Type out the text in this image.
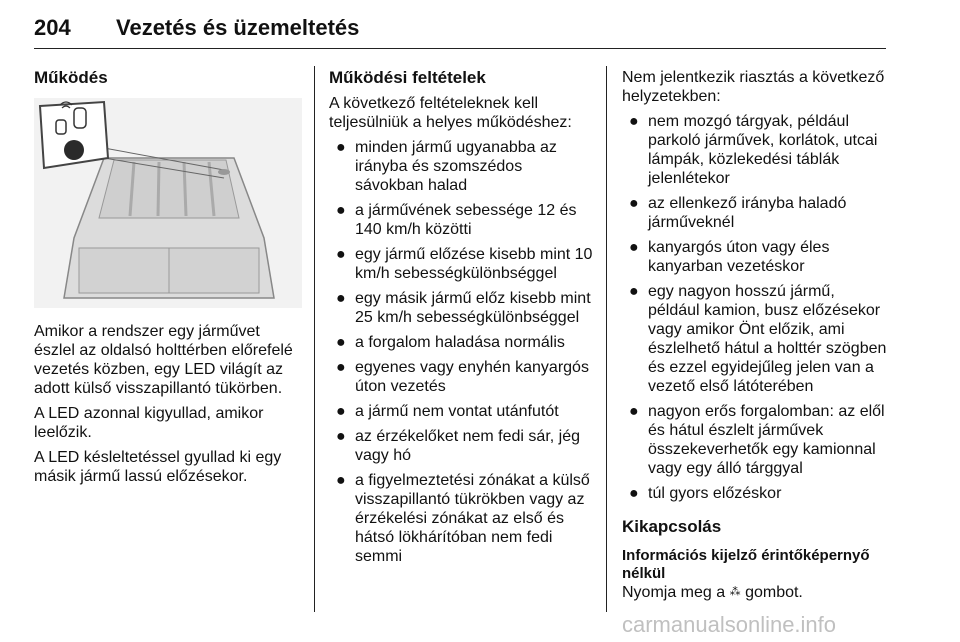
204 Vezetés és üzemeltetés
Működés

Amikor a rendszer egy járművet észlel az oldalsó holttérben előrefelé vezetés közben, egy LED világít az adott külső visszapillantó tükörben.

A LED azonnal kigyullad, amikor leelőzik.

A LED késleltetéssel gyullad ki egy másik jármű lassú előzésekor.

Működési feltételek

A következő feltételeknek kell teljesülniük a helyes működéshez:

● minden jármű ugyanabba az irányba és szomszédos sávokban halad
● a járművének sebessége 12 és 140 km/h közötti
● egy jármű előzése kisebb mint 10 km/h sebességkülönbséggel
● egy másik jármű előz kisebb mint 25 km/h sebességkülönbséggel
● a forgalom haladása normális
● egyenes vagy enyhén kanyargós úton vezetés
● a jármű nem vontat utánfutót
● az érzékelőket nem fedi sár, jég vagy hó
● a figyelmeztetési zónákat a külső visszapillantó tükrökben vagy az érzékelési zónákat az első és hátsó lökhárítóban nem fedi semmi

Nem jelentkezik riasztás a következő helyzetekben:

● nem mozgó tárgyak, például parkoló járművek, korlátok, utcai lámpák, közlekedési táblák jelenlétekor
● az ellenkező irányba haladó járműveknél
● kanyargós úton vagy éles kanyarban vezetéskor
● egy nagyon hosszú jármű, például kamion, busz előzésekor vagy amikor Önt előzik, ami észlelhető hátul a holttér szögben és ezzel egyidejűleg jelen van a vezető első látóterében
● nagyon erős forgalomban: az elől és hátul észlelt járművek összekeverhetők egy kamionnal vagy egy álló tárggyal
● túl gyors előzéskor
Kikapcsolás
Információs kijelző érintőképernyő nélkül

Nyomja meg a ⁂ gombot.

carmanualsonline.info
